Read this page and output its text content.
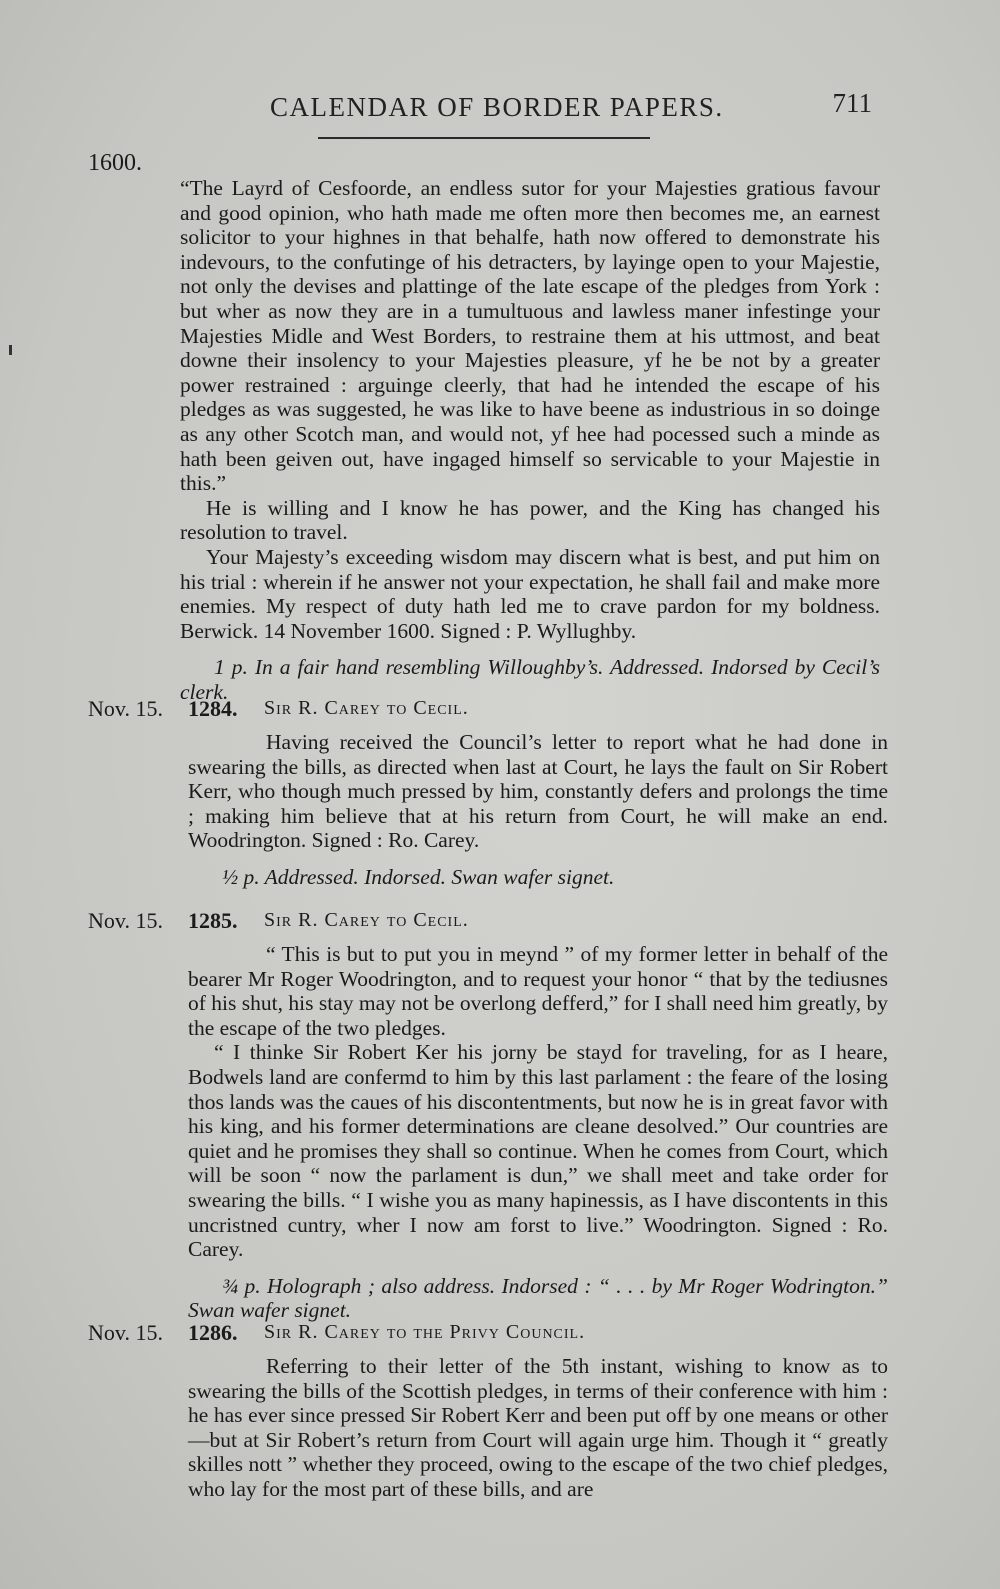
CALENDAR OF BORDER PAPERS.	711
1600.

“The Layrd of Cesfoorde, an endless sutor for your Majesties gratious favour and good opinion, who hath made me often more then becomes me, an earnest solicitor to your highnes in that behalfe, hath now offered to demonstrate his indevours, to the confutinge of his detracters, by layinge open to your Majestie, not only the devises and plattinge of the late escape of the pledges from York : but wher as now they are in a tumultuous and lawless maner infestinge your Majesties Midle and West Borders, to restraine them at his uttmost, and beat downe their insolency to your Majesties pleasure, yf he be not by a greater power restrained : arguinge cleerly, that had he intended the escape of his pledges as was suggested, he was like to have beene as industrious in so doinge as any other Scotch man, and would not, yf hee had pocessed such a minde as hath been geiven out, have ingaged himself so servicable to your Majestie in this.”

He is willing and I know he has power, and the King has changed his resolution to travel.

Your Majesty’s exceeding wisdom may discern what is best, and put him on his trial : wherein if he answer not your expectation, he shall fail and make more enemies. My respect of duty hath led me to crave pardon for my boldness. Berwick. 14 November 1600. Signed : P. Wyllughby.

1 p. In a fair hand resembling Willoughby’s. Addressed. Indorsed by Cecil’s clerk.

Nov. 15. 1284. Sir R. Carey to Cecil.

Having received the Council’s letter to report what he had done in swearing the bills, as directed when last at Court, he lays the fault on Sir Robert Kerr, who though much pressed by him, constantly defers and prolongs the time ; making him believe that at his return from Court, he will make an end. Woodrington. Signed : Ro. Carey.

½ p. Addressed. Indorsed. Swan wafer signet.

Nov. 15. 1285. Sir R. Carey to Cecil.

“ This is but to put you in meynd ” of my former letter in behalf of the bearer Mr Roger Woodrington, and to request your honor “ that by the tediusnes of his shut, his stay may not be overlong defferd,” for I shall need him greatly, by the escape of the two pledges.

“ I thinke Sir Robert Ker his jorny be stayd for traveling, for as I heare, Bodwels land are confermd to him by this last parlament : the feare of the losing thos lands was the caues of his discontentments, but now he is in great favor with his king, and his former determinations are cleane desolved.” Our countries are quiet and he promises they shall so continue. When he comes from Court, which will be soon “ now the parlament is dun,” we shall meet and take order for swearing the bills. “ I wishe you as many hapinessis, as I have discontents in this uncristned cuntry, wher I now am forst to live.” Woodrington. Signed : Ro. Carey.

¾ p. Holograph ; also address. Indorsed : “ . . . by Mr Roger Wodrington.” Swan wafer signet.

Nov. 15. 1286. Sir R. Carey to the Privy Council.

Referring to their letter of the 5th instant, wishing to know as to swearing the bills of the Scottish pledges, in terms of their conference with him : he has ever since pressed Sir Robert Kerr and been put off by one means or other—but at Sir Robert’s return from Court will again urge him. Though it “ greatly skilles nott ” whether they proceed, owing to the escape of the two chief pledges, who lay for the most part of these bills, and are
